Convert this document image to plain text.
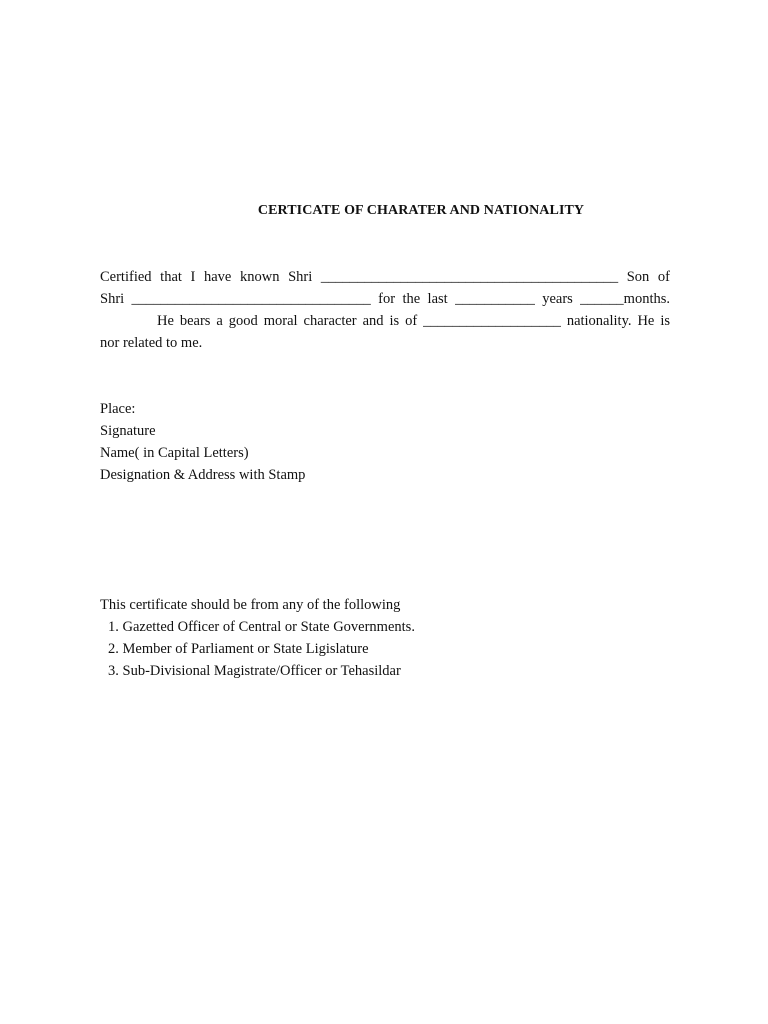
CERTICATE OF CHARATER AND NATIONALITY
Certified that I have known Shri _________________________________________ Son of
Shri _________________________________ for the last ___________ years ______months.
He bears a good moral character and is of ___________________ nationality. He is
nor related to me.
Place:
Signature
Name( in Capital Letters)
Designation & Address with Stamp
This certificate should be from any of the following
1. Gazetted Officer of Central or State Governments.
2. Member of Parliament or State Ligislature
3. Sub-Divisional Magistrate/Officer or Tehasildar
